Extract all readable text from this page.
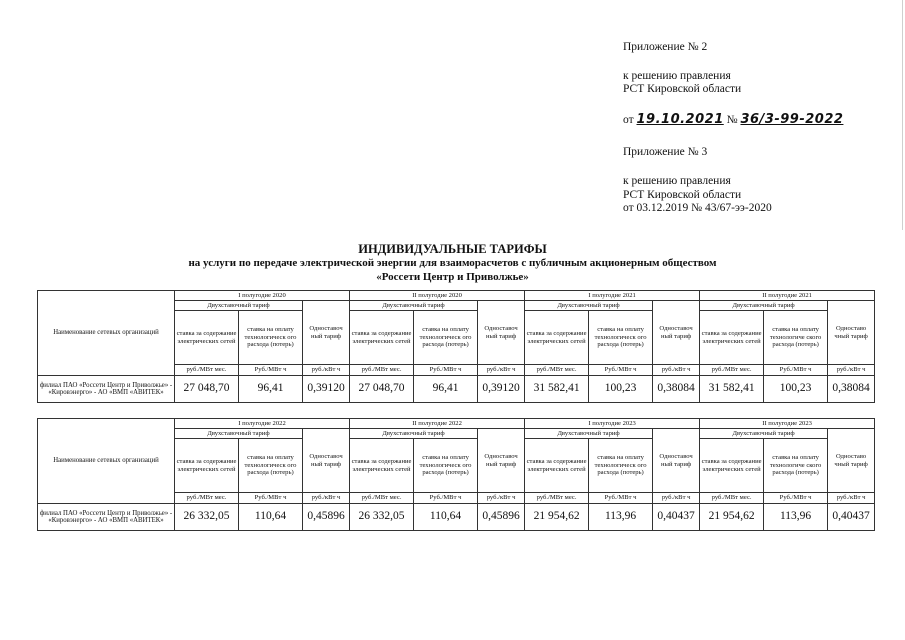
Приложение № 2
к решению правления
РСТ Кировской области
от 19.10.2021 № 36/3-99-2022
Приложение № 3
к решению правления
РСТ Кировской области
от 03.12.2019 № 43/67-ээ-2020
ИНДИВИДУАЛЬНЫЕ ТАРИФЫ
на услуги по передаче электрической энергии для взаиморасчетов с публичным акционерным обществом
«Россети Центр и Приволжье»
Наименование сетевых организаций	I полугодие 2020			II полугодие 2020			I полугодие 2021			II полугодие 2021		
	Двухставочный тариф		Одноставоч ный тариф	Двухставочный тариф		Одноставоч ный тариф	Двухставочный тариф		Одноставоч ный тариф	Двухставочный тариф		Одноставо чный тариф
	ставка за содержание электрических сетей	ставка на оплату технологическ ого расхода (потерь)		ставка за содержание электрических сетей	ставка на оплату технологическ ого расхода (потерь)		ставка за содержание электрических сетей	ставка на оплату технологическ ого расхода (потерь)		ставка за содержание электрических сетей	ставка на оплату технологиче ского расхода (потерь)	
	руб./МВт мес.	Руб./МВт ч	руб./кВт ч	руб./МВт мес.	Руб./МВт ч	руб./кВт ч	руб./МВт мес.	Руб./МВт ч	руб./кВт ч	руб./МВт мес.	Руб./МВт ч	руб./кВт ч
филиал ПАО «Россети Центр и Приволжье» - «Кировэнерго» - АО «ВМП «АВИТЕК»	27 048,70	96,41	0,39120	27 048,70	96,41	0,39120	31 582,41	100,23	0,38084	31 582,41	100,23	0,38084
Наименование сетевых организаций	I полугодие 2022			II полугодие 2022			I полугодие 2023			II полугодие 2023		
	Двухставочный тариф		Одноставоч ный тариф	Двухставочный тариф		Одноставоч ный тариф	Двухставочный тариф		Одноставоч ный тариф	Двухставочный тариф		Одноставо чный тариф
	ставка за содержание электрических сетей	ставка на оплату технологическ ого расхода (потерь)		ставка за содержание электрических сетей	ставка на оплату технологическ ого расхода (потерь)		ставка за содержание электрических сетей	ставка на оплату технологическ ого расхода (потерь)		ставка за содержание электрических сетей	ставка на оплату технологиче ского расхода (потерь)	
	руб./МВт мес.	Руб./МВт ч	руб./кВт ч	руб./МВт мес.	Руб./МВт ч	руб./кВт ч	руб./МВт мес.	Руб./МВт ч	руб./кВт ч	руб./МВт мес.	Руб./МВт ч	руб./кВт ч
филиал ПАО «Россети Центр и Приволжье» - «Кировэнерго» - АО «ВМП «АВИТЕК»	26 332,05	110,64	0,45896	26 332,05	110,64	0,45896	21 954,62	113,96	0,40437	21 954,62	113,96	0,40437
